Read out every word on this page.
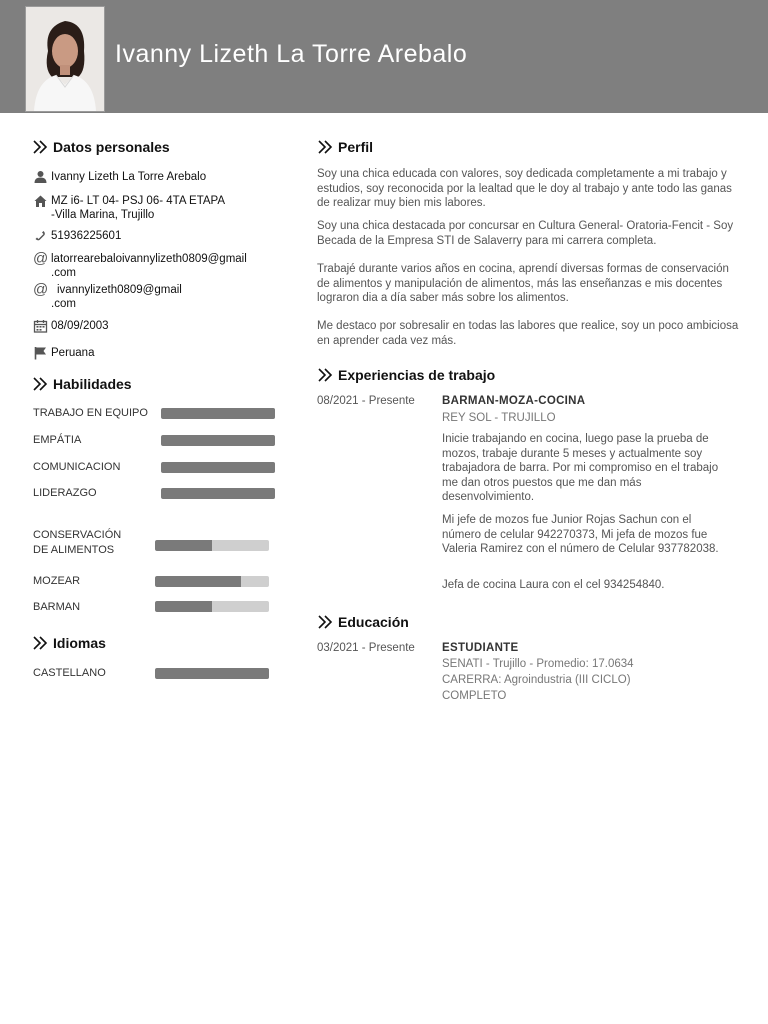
Ivanny Lizeth La Torre Arebalo
Datos personales
Ivanny Lizeth La Torre Arebalo
MZ i6- LT 04- PSJ 06- 4TA ETAPA
-Villa Marina, Trujillo
51936225601
@ latorrearebaloivannylizeth0809@gmail
.com
@ ivannylizeth0809@gmail
.com
08/09/2003
Peruana
Habilidades
TRABAJO EN EQUIPO
EMPÁTIA
COMUNICACION
LIDERAZGO
CONSERVACIÓN
DE ALIMENTOS
MOZEAR
BARMAN
Idiomas
CASTELLANO
Perfil

Soy una chica educada con valores, soy dedicada completamente a mi trabajo y estudios, soy reconocida por la lealtad que le doy al trabajo y ante todo las ganas de realizar muy bien mis labores.

Soy una chica destacada por concursar en Cultura General- Oratoria-Fencit - Soy Becada de la Empresa STI de Salaverry para mi carrera completa.

Trabajé durante varios años en cocina, aprendí diversas formas de conservación de alimentos y manipulación de alimentos, más las enseñanzas e mis docentes lograron dia a día saber más sobre los alimentos.

Me destaco por sobresalir en todas las labores que realice, soy un poco ambiciosa en aprender cada vez más.

Experiencias de trabajo
08/2021 - Presente BARMAN-MOZA-COCINA
REY SOL - TRUJILLO
Inicie trabajando en cocina, luego pase la prueba de mozos, trabaje durante 5 meses y actualmente soy trabajadora de barra. Por mi compromiso en el trabajo me dan otros puestos que me dan más desenvolvimiento.
Mi jefe de mozos fue Junior Rojas Sachun con el número de celular 942270373, Mi jefa de mozos fue Valeria Ramirez con el número de Celular 937782038.
Jefa de cocina Laura con el cel 934254840.
Educación
03/2021 - Presente ESTUDIANTE
SENATI - Trujillo - Promedio: 17.0634
CARERRA: Agroindustria (III CICLO)
COMPLETO
